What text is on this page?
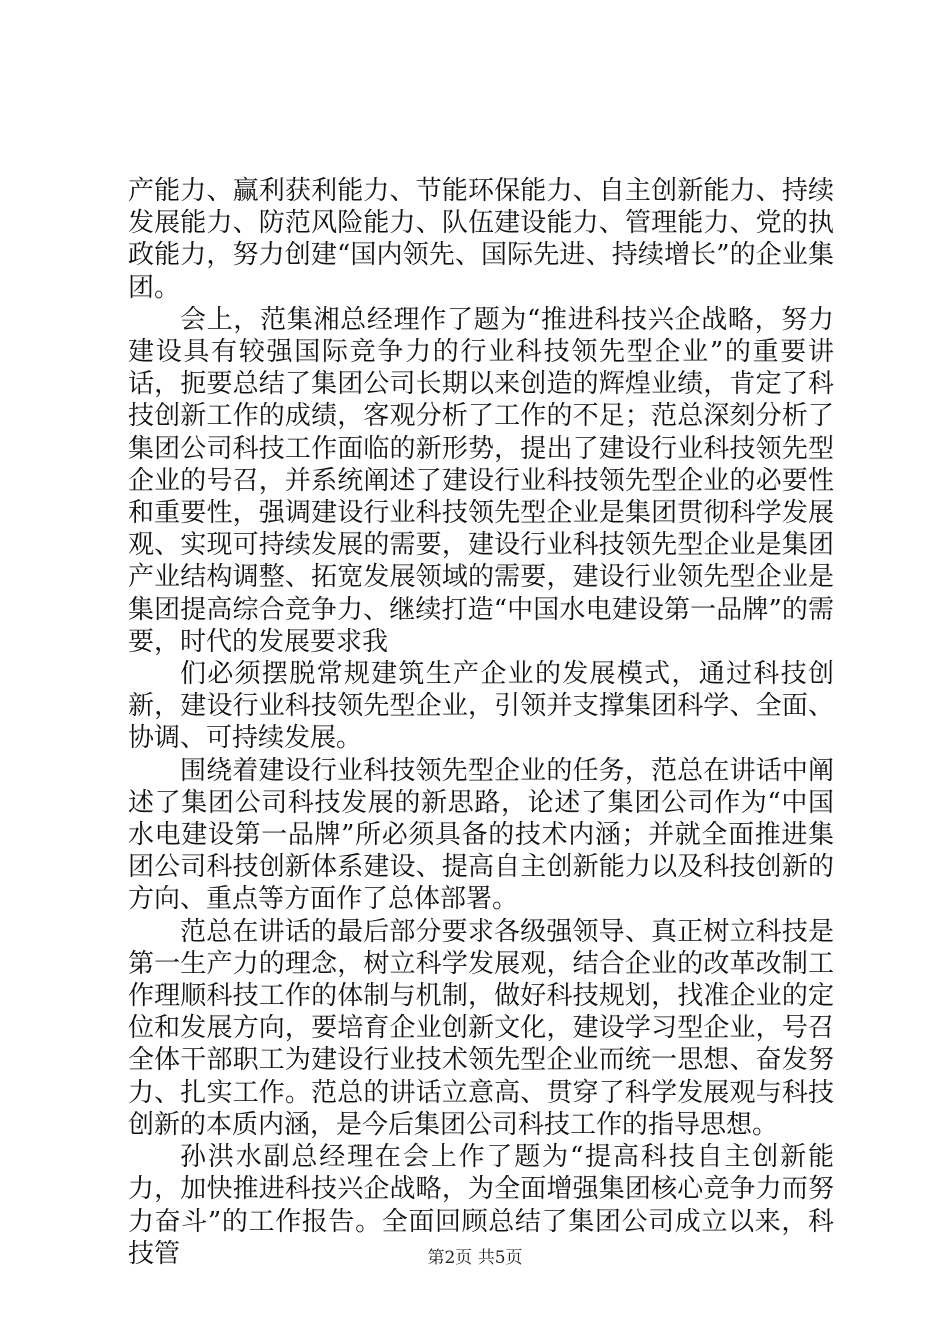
产能力、赢利获利能力、节能环保能力、自主创新能力、持续发展能力、防范风险能力、队伍建设能力、管理能力、党的执政能力，努力创建“国内领先、国际先进、持续增长”的企业集团。

会上，范集湘总经理作了题为“推进科技兴企战略，努力建设具有较强国际竞争力的行业科技领先型企业”的重要讲话，扼要总结了集团公司长期以来创造的辉煌业绩，肯定了科技创新工作的成绩，客观分析了工作的不足；范总深刻分析了集团公司科技工作面临的新形势，提出了建设行业科技领先型企业的号召，并系统阐述了建设行业科技领先型企业的必要性和重要性，强调建设行业科技领先型企业是集团贯彻科学发展观、实现可持续发展的需要，建设行业科技领先型企业是集团产业结构调整、拓宽发展领域的需要，建设行业领先型企业是集团提高综合竞争力、继续打造“中国水电建设第一品牌”的需要，时代的发展要求我

们必须摆脱常规建筑生产企业的发展模式，通过科技创新，建设行业科技领先型企业，引领并支撑集团科学、全面、协调、可持续发展。

围绕着建设行业科技领先型企业的任务，范总在讲话中阐述了集团公司科技发展的新思路，论述了集团公司作为“中国水电建设第一品牌”所必须具备的技术内涵；并就全面推进集团公司科技创新体系建设、提高自主创新能力以及科技创新的方向、重点等方面作了总体部署。

范总在讲话的最后部分要求各级强领导、真正树立科技是第一生产力的理念，树立科学发展观，结合企业的改革改制工作理顺科技工作的体制与机制，做好科技规划，找准企业的定位和发展方向，要培育企业创新文化，建设学习型企业，号召全体干部职工为建设行业技术领先型企业而统一思想、奋发努力、扎实工作。范总的讲话立意高、贯穿了科学发展观与科技创新的本质内涵，是今后集团公司科技工作的指导思想。

孙洪水副总经理在会上作了题为“提高科技自主创新能力，加快推进科技兴企战略，为全面增强集团核心竞争力而努力奋斗”的工作报告。全面回顾总结了集团公司成立以来，科技管	第2页 共5页
